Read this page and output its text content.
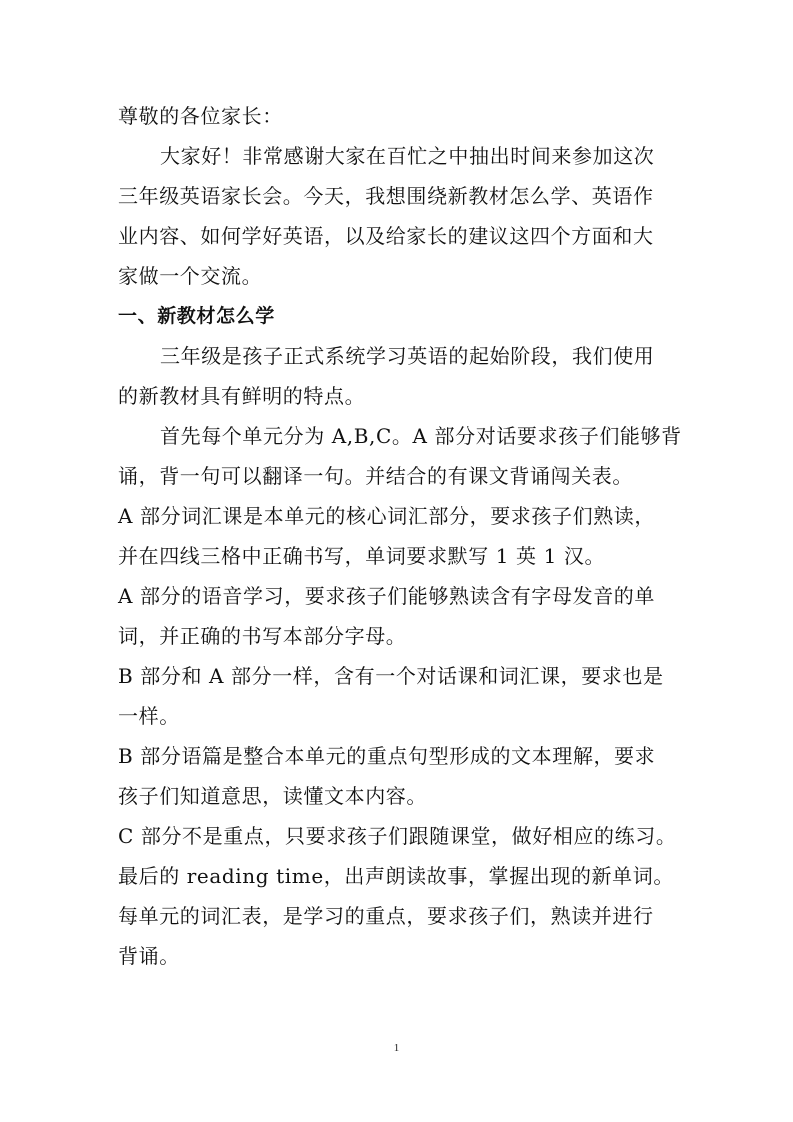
尊敬的各位家长：
大家好！非常感谢大家在百忙之中抽出时间来参加这次
三年级英语家长会。今天，我想围绕新教材怎么学、英语作
业内容、如何学好英语，以及给家长的建议这四个方面和大
家做一个交流。
一、新教材怎么学
三年级是孩子正式系统学习英语的起始阶段，我们使用
的新教材具有鲜明的特点。
首先每个单元分为 A,B,C。A 部分对话要求孩子们能够背
诵，背一句可以翻译一句。并结合的有课文背诵闯关表。
A 部分词汇课是本单元的核心词汇部分，要求孩子们熟读，
并在四线三格中正确书写，单词要求默写 1 英 1 汉。
A 部分的语音学习，要求孩子们能够熟读含有字母发音的单
词，并正确的书写本部分字母。
B 部分和 A 部分一样，含有一个对话课和词汇课，要求也是
一样。
B 部分语篇是整合本单元的重点句型形成的文本理解，要求
孩子们知道意思，读懂文本内容。
C 部分不是重点，只要求孩子们跟随课堂，做好相应的练习。
最后的 reading time，出声朗读故事，掌握出现的新单词。
每单元的词汇表，是学习的重点，要求孩子们，熟读并进行
背诵。
1
